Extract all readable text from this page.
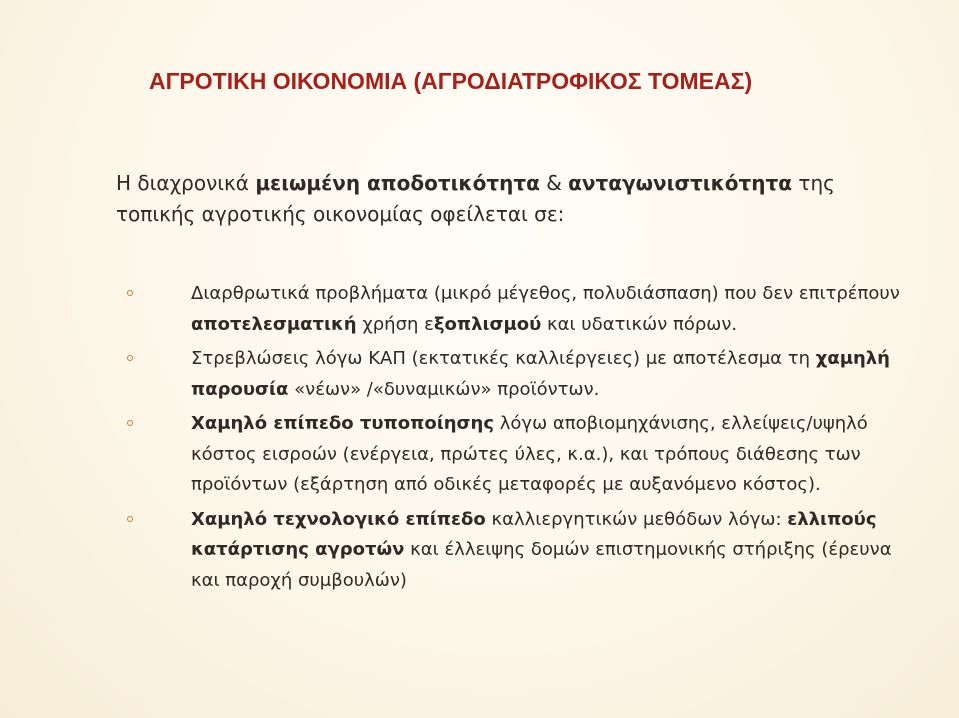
ΑΓΡΟΤΙΚΗ ΟΙΚΟΝΟΜΙΑ (ΑΓΡΟΔΙΑΤΡΟΦΙΚΟΣ ΤΟΜΕΑΣ)

Η διαχρονικά μειωμένη αποδοτικότητα & ανταγωνιστικότητα της τοπικής αγροτικής οικονομίας οφείλεται σε:

Διαρθρωτικά προβλήματα (μικρό μέγεθος, πολυδιάσπαση) που δεν επιτρέπουν αποτελεσματική χρήση εξοπλισμού και υδατικών πόρων.
Στρεβλώσεις λόγω ΚΑΠ (εκτατικές καλλιέργειες) με αποτέλεσμα τη χαμηλή παρουσία «νέων» /«δυναμικών» προϊόντων.
Χαμηλό επίπεδο τυποποίησης λόγω αποβιομηχάνισης, ελλείψεις/υψηλό κόστος εισροών (ενέργεια, πρώτες ύλες, κ.α.), και τρόπους διάθεσης των προϊόντων (εξάρτηση από οδικές μεταφορές με αυξανόμενο κόστος).
Χαμηλό τεχνολογικό επίπεδο καλλιεργητικών μεθόδων λόγω: ελλιπούς κατάρτισης αγροτών και έλλειψης δομών επιστημονικής στήριξης (έρευνα και παροχή συμβουλών)
